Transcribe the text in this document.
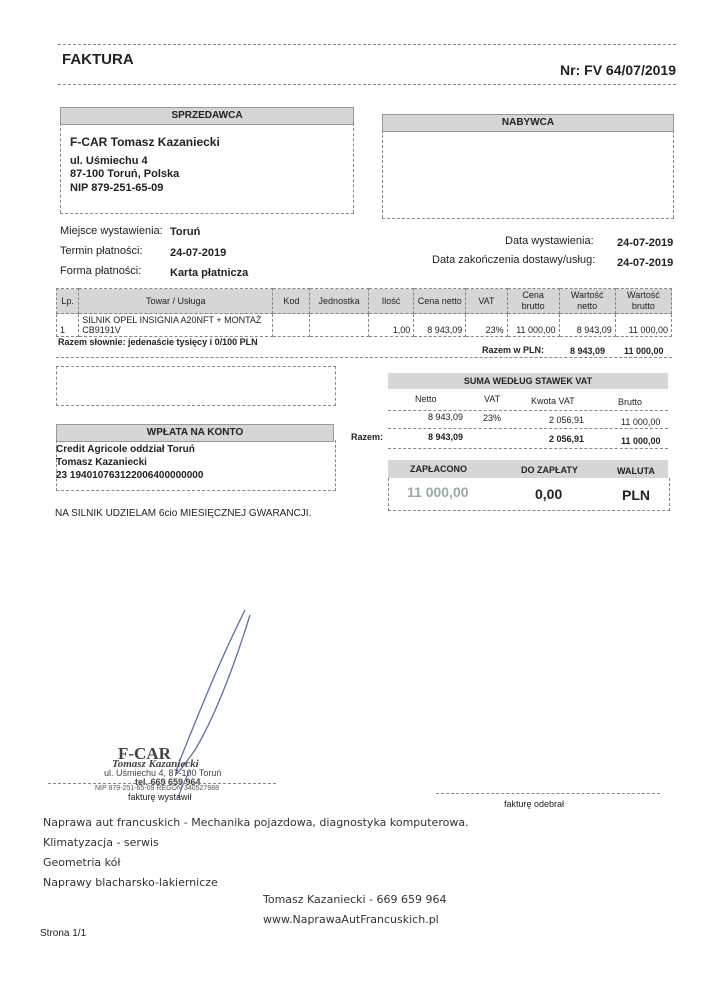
FAKTURA
Nr: FV 64/07/2019
SPRZEDAWCA
F-CAR Tomasz Kazaniecki
ul. Uśmiechu 4
87-100 Toruń, Polska
NIP 879-251-65-09
NABYWCA
Miejsce wystawienia: Toruń
Termin płatności: 24-07-2019
Forma płatności:	Karta płatnicza
Data wystawienia: 24-07-2019
Data zakończenia dostawy/usług: 24-07-2019
Lp.	Towar / Usługa	Kod	Jednostka	Ilość	Cena netto	VAT	Cena brutto	Wartość netto	Wartość brutto
1	SILNIK OPEL INSIGNIA A20NFT + MONTAŻ CB9191V			1,00	8 943,09	23%	11 000,00	8 943,09	11 000,00
Razem słownie: jedenaście tysięcy i 0/100 PLN
Razem w PLN:	8 943,09 11 000,00
SUMA WEDŁUG STAWEK VAT
Netto	VAT	Kwota VAT	Brutto
8 943,09 23%	2 056,91	11 000,00
Razem:	8 943,09	2 056,91	11 000,00
WPŁATA NA KONTO
Credit Agricole oddział Toruń
Tomasz Kazaniecki
23 194010763122006400000000
ZAPŁACONO	DO ZAPŁATY	WALUTA
11 000,00	0,00	PLN
NA SILNIK UDZIELAM 6cio MIESIĘCZNEJ GWARANCJI.
F-CAR
Tomasz Kazaniecki
ul. Uśmiechu 4, 87-100 Toruń
tel. 669 659 964
NIP 879-251-65-09 REGON 340527988
fakturę wystawił
fakturę odebrał
Naprawa aut francuskich - Mechanika pojazdowa, diagnostyka komputerowa.
Klimatyzacja - serwis
Geometria kół
Naprawy blacharsko-lakiernicze
Tomasz Kazaniecki - 669 659 964
www.NaprawaAutFrancuskich.pl
Strona 1/1
